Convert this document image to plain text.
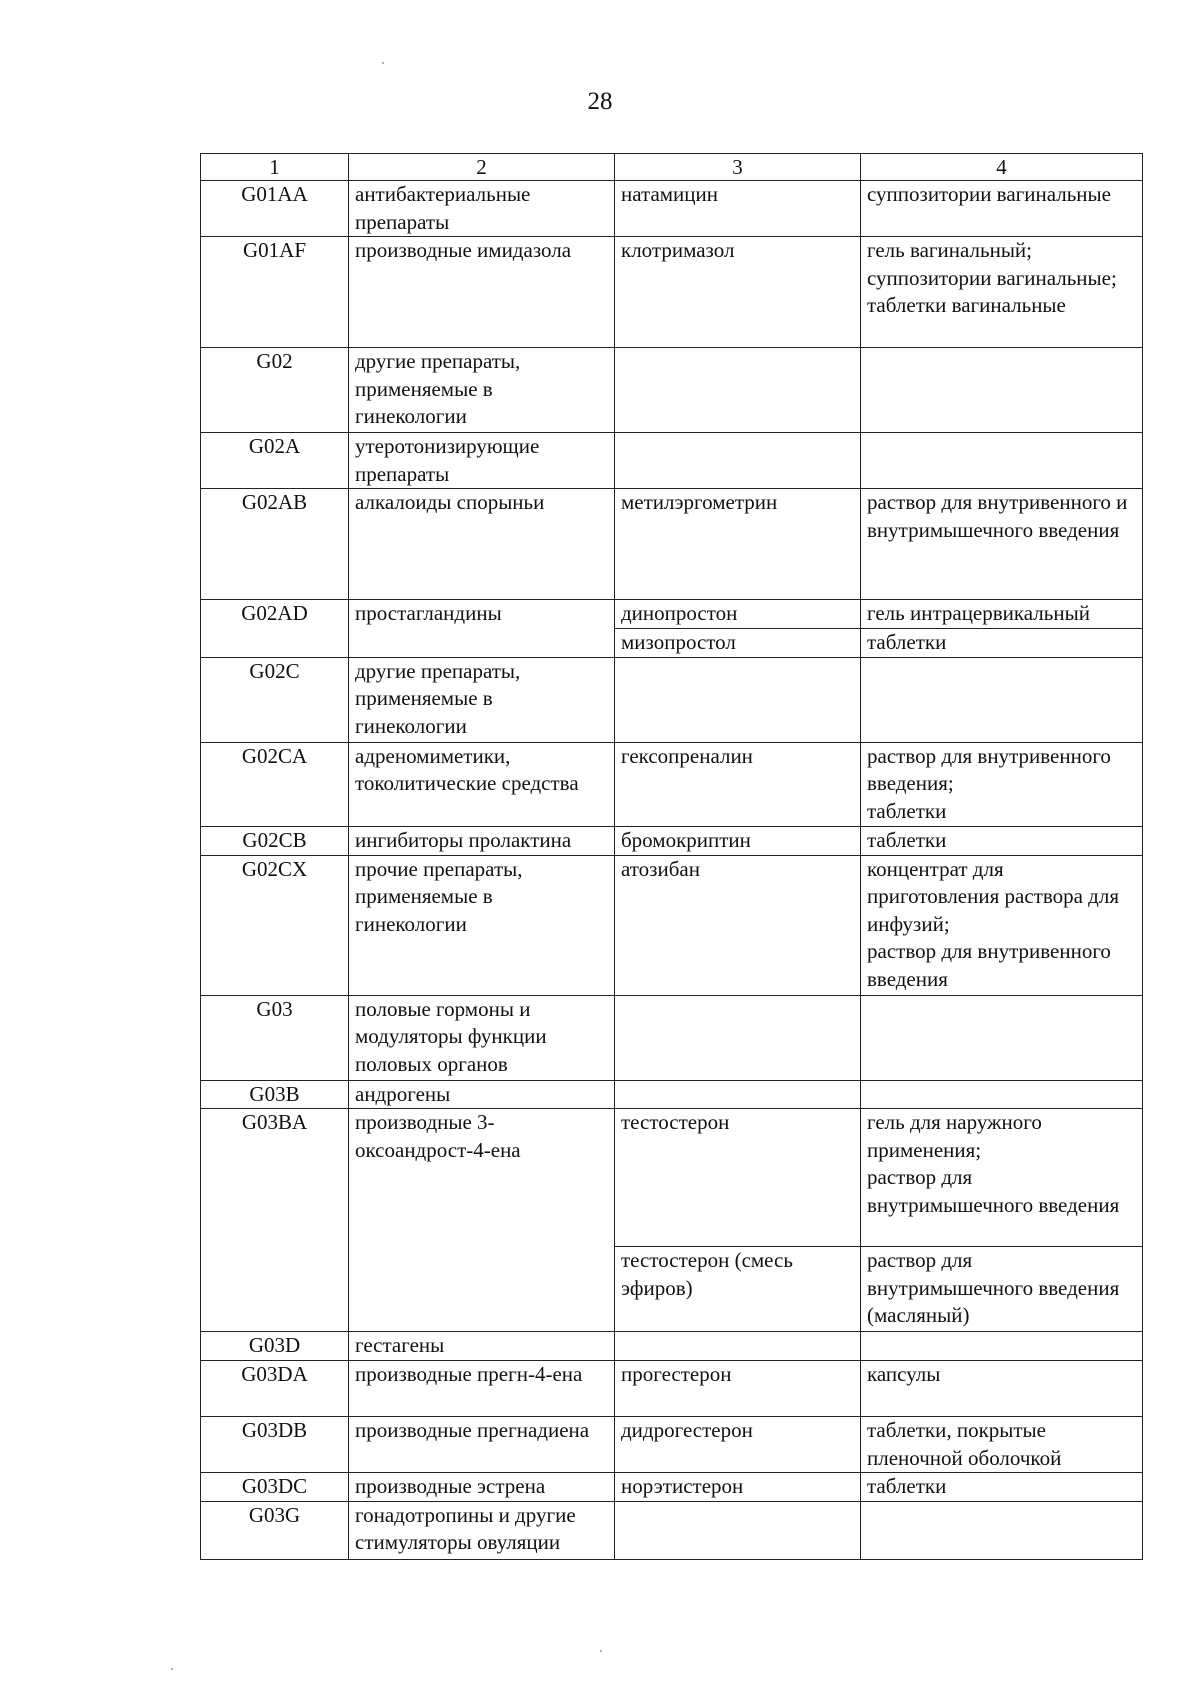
28
1	2	3	4
G01AA	антибактериальные препараты	натамицин	суппозитории вагинальные
G01AF	производные имидазола	клотримазол	гель вагинальный;
суппозитории вагинальные;
таблетки вагинальные
G02	другие препараты, применяемые в гинекологии		
G02A	утеротонизирующие препараты		
G02AB	алкалоиды спорыньи	метилэргометрин	раствор для внутривенного и внутримышечного введения
G02AD	простагландины	динопростон	гель интрацервикальный
		мизопростол	таблетки
G02C	другие препараты, применяемые в гинекологии		
G02CA	адреномиметики, токолитические средства	гексопреналин	раствор для внутривенного введения;
таблетки
G02CB	ингибиторы пролактина	бромокриптин	таблетки
G02CX	прочие препараты, применяемые в гинекологии	атозибан	концентрат для приготовления раствора для инфузий;
раствор для внутривенного введения
G03	половые гормоны и модуляторы функции половых органов		
G03B	андрогены		
G03BA	производные 3-оксоандрост-4-ена	тестостерон	гель для наружного применения;
раствор для внутримышечного введения
		тестостерон (смесь эфиров)	раствор для внутримышечного введения (масляный)
G03D	гестагены		
G03DA	производные прегн-4-ена	прогестерон	капсулы
G03DB	производные прегнадиена	дидрогестерон	таблетки, покрытые пленочной оболочкой
G03DC	производные эстрена	норэтистерон	таблетки
G03G	гонадотропины и другие стимуляторы овуляции		
